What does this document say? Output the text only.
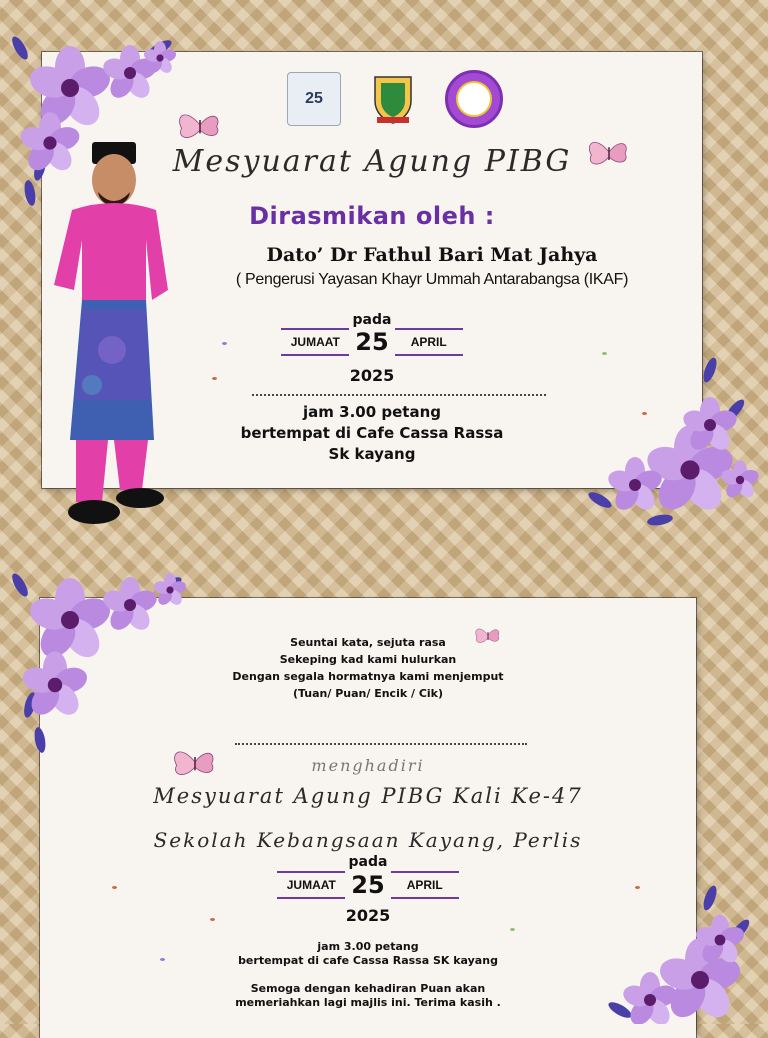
25
Mesyuarat Agung PIBG
Dirasmikan oleh :
Dato’ Dr Fathul Bari Mat Jahya
( Pengerusi Yayasan Khayr Ummah Antarabangsa (IKAF)
pada
JUMAAT 25	APRIL
2025
jam 3.00 petang
bertempat di Cafe Cassa Rassa
Sk kayang
Seuntai kata, sejuta rasa
Sekeping kad kami hulurkan
Dengan segala hormatnya kami menjemput
(Tuan/ Puan/ Encik / Cik)
menghadiri
Mesyuarat Agung PIBG Kali Ke-47
Sekolah Kebangsaan Kayang, Perlis
pada
JUMAAT 25	APRIL
2025
jam 3.00 petang
bertempat di cafe Cassa Rassa SK kayang
Semoga dengan kehadiran Puan akan
memeriahkan lagi majlis ini. Terima kasih .
